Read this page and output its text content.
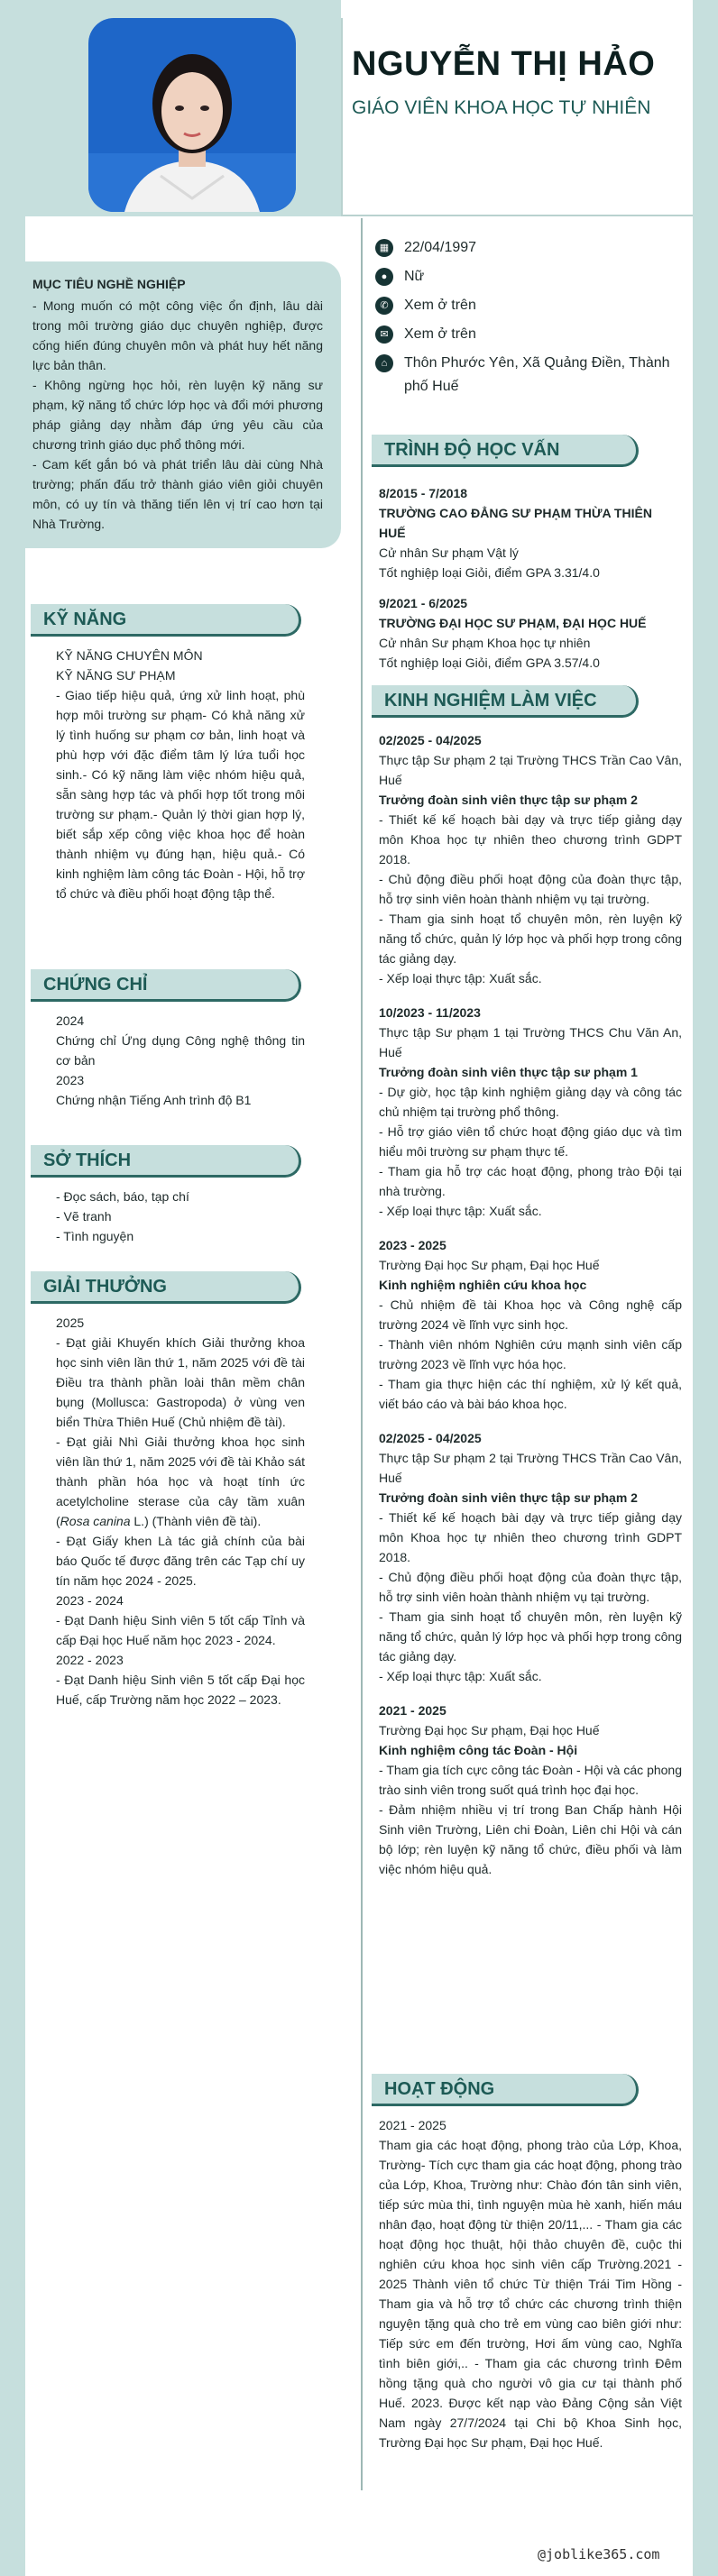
NGUYỄN THỊ HẢO
GIÁO VIÊN KHOA HỌC TỰ NHIÊN
▦ 22/04/1997
●	Nữ
✆	Xem ở trên
✉	Xem ở trên
⌂	Thôn Phước Yên, Xã Quảng Điền, Thành phố Huế
MỤC TIÊU NGHỀ NGHIỆP
- Mong muốn có một công việc ổn định, lâu dài trong môi trường giáo dục chuyên nghiệp, được cống hiến đúng chuyên môn và phát huy hết năng lực bản thân.
- Không ngừng học hỏi, rèn luyện kỹ năng sư phạm, kỹ năng tổ chức lớp học và đổi mới phương pháp giảng dạy nhằm đáp ứng yêu cầu của chương trình giáo dục phổ thông mới.
- Cam kết gắn bó và phát triển lâu dài cùng Nhà trường; phấn đấu trở thành giáo viên giỏi chuyên môn, có uy tín và thăng tiến lên vị trí cao hơn tại Nhà Trường.
KỸ NĂNG
KỸ NĂNG CHUYÊN MÔN
KỸ NĂNG SƯ PHẠM
- Giao tiếp hiệu quả, ứng xử linh hoạt, phù hợp môi trường sư phạm- Có khả năng xử lý tình huống sư phạm cơ bản, linh hoạt và phù hợp với đặc điểm tâm lý lứa tuổi học sinh.- Có kỹ năng làm việc nhóm hiệu quả, sẵn sàng hợp tác và phối hợp tốt trong môi trường sư phạm.- Quản lý thời gian hợp lý, biết sắp xếp công việc khoa học để hoàn thành nhiệm vụ đúng hạn, hiệu quả.- Có kinh nghiệm làm công tác Đoàn - Hội, hỗ trợ tổ chức và điều phối hoạt động tập thể.
CHỨNG CHỈ
2024
Chứng chỉ Ứng dụng Công nghệ thông tin cơ bản
2023
Chứng nhận Tiếng Anh trình độ B1
SỞ THÍCH
- Đọc sách, báo, tạp chí
- Vẽ tranh
- Tình nguyện
GIẢI THƯỞNG
2025
- Đạt giải Khuyến khích Giải thưởng khoa học sinh viên lần thứ 1, năm 2025 với đề tài Điều tra thành phần loài thân mềm chân bụng (Mollusca: Gastropoda) ở vùng ven biển Thừa Thiên Huế (Chủ nhiệm đề tài).
- Đạt giải Nhì Giải thưởng khoa học sinh viên lần thứ 1, năm 2025 với đề tài Khảo sát thành phần hóa học và hoạt tính ức acetylcholine sterase của cây tầm xuân (Rosa canina L.) (Thành viên đề tài).
- Đạt Giấy khen Là tác giả chính của bài báo Quốc tế được đăng trên các Tạp chí uy tín năm học 2024 - 2025.
2023 - 2024
- Đạt Danh hiệu Sinh viên 5 tốt cấp Tỉnh và cấp Đại học Huế năm học 2023 - 2024.
2022 - 2023
- Đạt Danh hiệu Sinh viên 5 tốt cấp Đại học Huế, cấp Trường năm học 2022 – 2023.
TRÌNH ĐỘ HỌC VẤN
8/2015 - 7/2018
TRƯỜNG CAO ĐẲNG SƯ PHẠM THỪA THIÊN HUẾ
Cử nhân Sư phạm Vật lý
Tốt nghiệp loại Giỏi, điểm GPA 3.31/4.0
9/2021 - 6/2025
TRƯỜNG ĐẠI HỌC SƯ PHẠM, ĐẠI HỌC HUẾ
Cử nhân Sư phạm Khoa học tự nhiên
Tốt nghiệp loại Giỏi, điểm GPA 3.57/4.0
KINH NGHIỆM LÀM VIỆC
02/2025 - 04/2025
Thực tập Sư phạm 2 tại Trường THCS Trần Cao Vân, Huế
Trưởng đoàn sinh viên thực tập sư phạm 2
- Thiết kế kế hoạch bài dạy và trực tiếp giảng dạy môn Khoa học tự nhiên theo chương trình GDPT 2018.
- Chủ động điều phối hoạt động của đoàn thực tập, hỗ trợ sinh viên hoàn thành nhiệm vụ tại trường.
- Tham gia sinh hoạt tổ chuyên môn, rèn luyện kỹ năng tổ chức, quản lý lớp học và phối hợp trong công tác giảng dạy.
- Xếp loại thực tập: Xuất sắc.
10/2023 - 11/2023
Thực tập Sư phạm 1 tại Trường THCS Chu Văn An, Huế
Trưởng đoàn sinh viên thực tập sư phạm 1
- Dự giờ, học tập kinh nghiệm giảng dạy và công tác chủ nhiệm tại trường phổ thông.
- Hỗ trợ giáo viên tổ chức hoạt động giáo dục và tìm hiểu môi trường sư phạm thực tế.
- Tham gia hỗ trợ các hoạt động, phong trào Đội tại nhà trường.
- Xếp loại thực tập: Xuất sắc.
2023 - 2025
Trường Đại học Sư phạm, Đại học Huế
Kinh nghiệm nghiên cứu khoa học
- Chủ nhiệm đề tài Khoa học và Công nghệ cấp trường 2024 về lĩnh vực sinh học.
- Thành viên nhóm Nghiên cứu mạnh sinh viên cấp trường 2023 về lĩnh vực hóa học.
- Tham gia thực hiện các thí nghiệm, xử lý kết quả, viết báo cáo và bài báo khoa học.
02/2025 - 04/2025
Thực tập Sư phạm 2 tại Trường THCS Trần Cao Vân, Huế
Trưởng đoàn sinh viên thực tập sư phạm 2
- Thiết kế kế hoạch bài dạy và trực tiếp giảng dạy môn Khoa học tự nhiên theo chương trình GDPT 2018.
- Chủ động điều phối hoạt động của đoàn thực tập, hỗ trợ sinh viên hoàn thành nhiệm vụ tại trường.
- Tham gia sinh hoạt tổ chuyên môn, rèn luyện kỹ năng tổ chức, quản lý lớp học và phối hợp trong công tác giảng dạy.
- Xếp loại thực tập: Xuất sắc.
2021 - 2025
Trường Đại học Sư phạm, Đại học Huế
Kinh nghiệm công tác Đoàn - Hội
- Tham gia tích cực công tác Đoàn - Hội và các phong trào sinh viên trong suốt quá trình học đại học.
- Đảm nhiệm nhiều vị trí trong Ban Chấp hành Hội Sinh viên Trường, Liên chi Đoàn, Liên chi Hội và cán bộ lớp; rèn luyện kỹ năng tổ chức, điều phối và làm việc nhóm hiệu quả.
HOẠT ĐỘNG
2021 - 2025
Tham gia các hoạt động, phong trào của Lớp, Khoa, Trường- Tích cực tham gia các hoạt động, phong trào của Lớp, Khoa, Trường như: Chào đón tân sinh viên, tiếp sức mùa thi, tình nguyện mùa hè xanh, hiến máu nhân đạo, hoạt động từ thiện 20/11,... - Tham gia các hoạt động học thuật, hội thảo chuyên đề, cuộc thi nghiên cứu khoa học sinh viên cấp Trường.2021 - 2025 Thành viên tổ chức Từ thiện Trái Tim Hồng - Tham gia và hỗ trợ tổ chức các chương trình thiện nguyện tặng quà cho trẻ em vùng cao biên giới như: Tiếp sức em đến trường, Hơi ấm vùng cao, Nghĩa tình biên giới,.. - Tham gia các chương trình Đêm hồng tặng quà cho người vô gia cư tại thành phố Huế. 2023. Được kết nạp vào Đảng Cộng sản Việt Nam ngày 27/7/2024 tại Chi bộ Khoa Sinh học, Trường Đại học Sư phạm, Đại học Huế.
@joblike365.com
